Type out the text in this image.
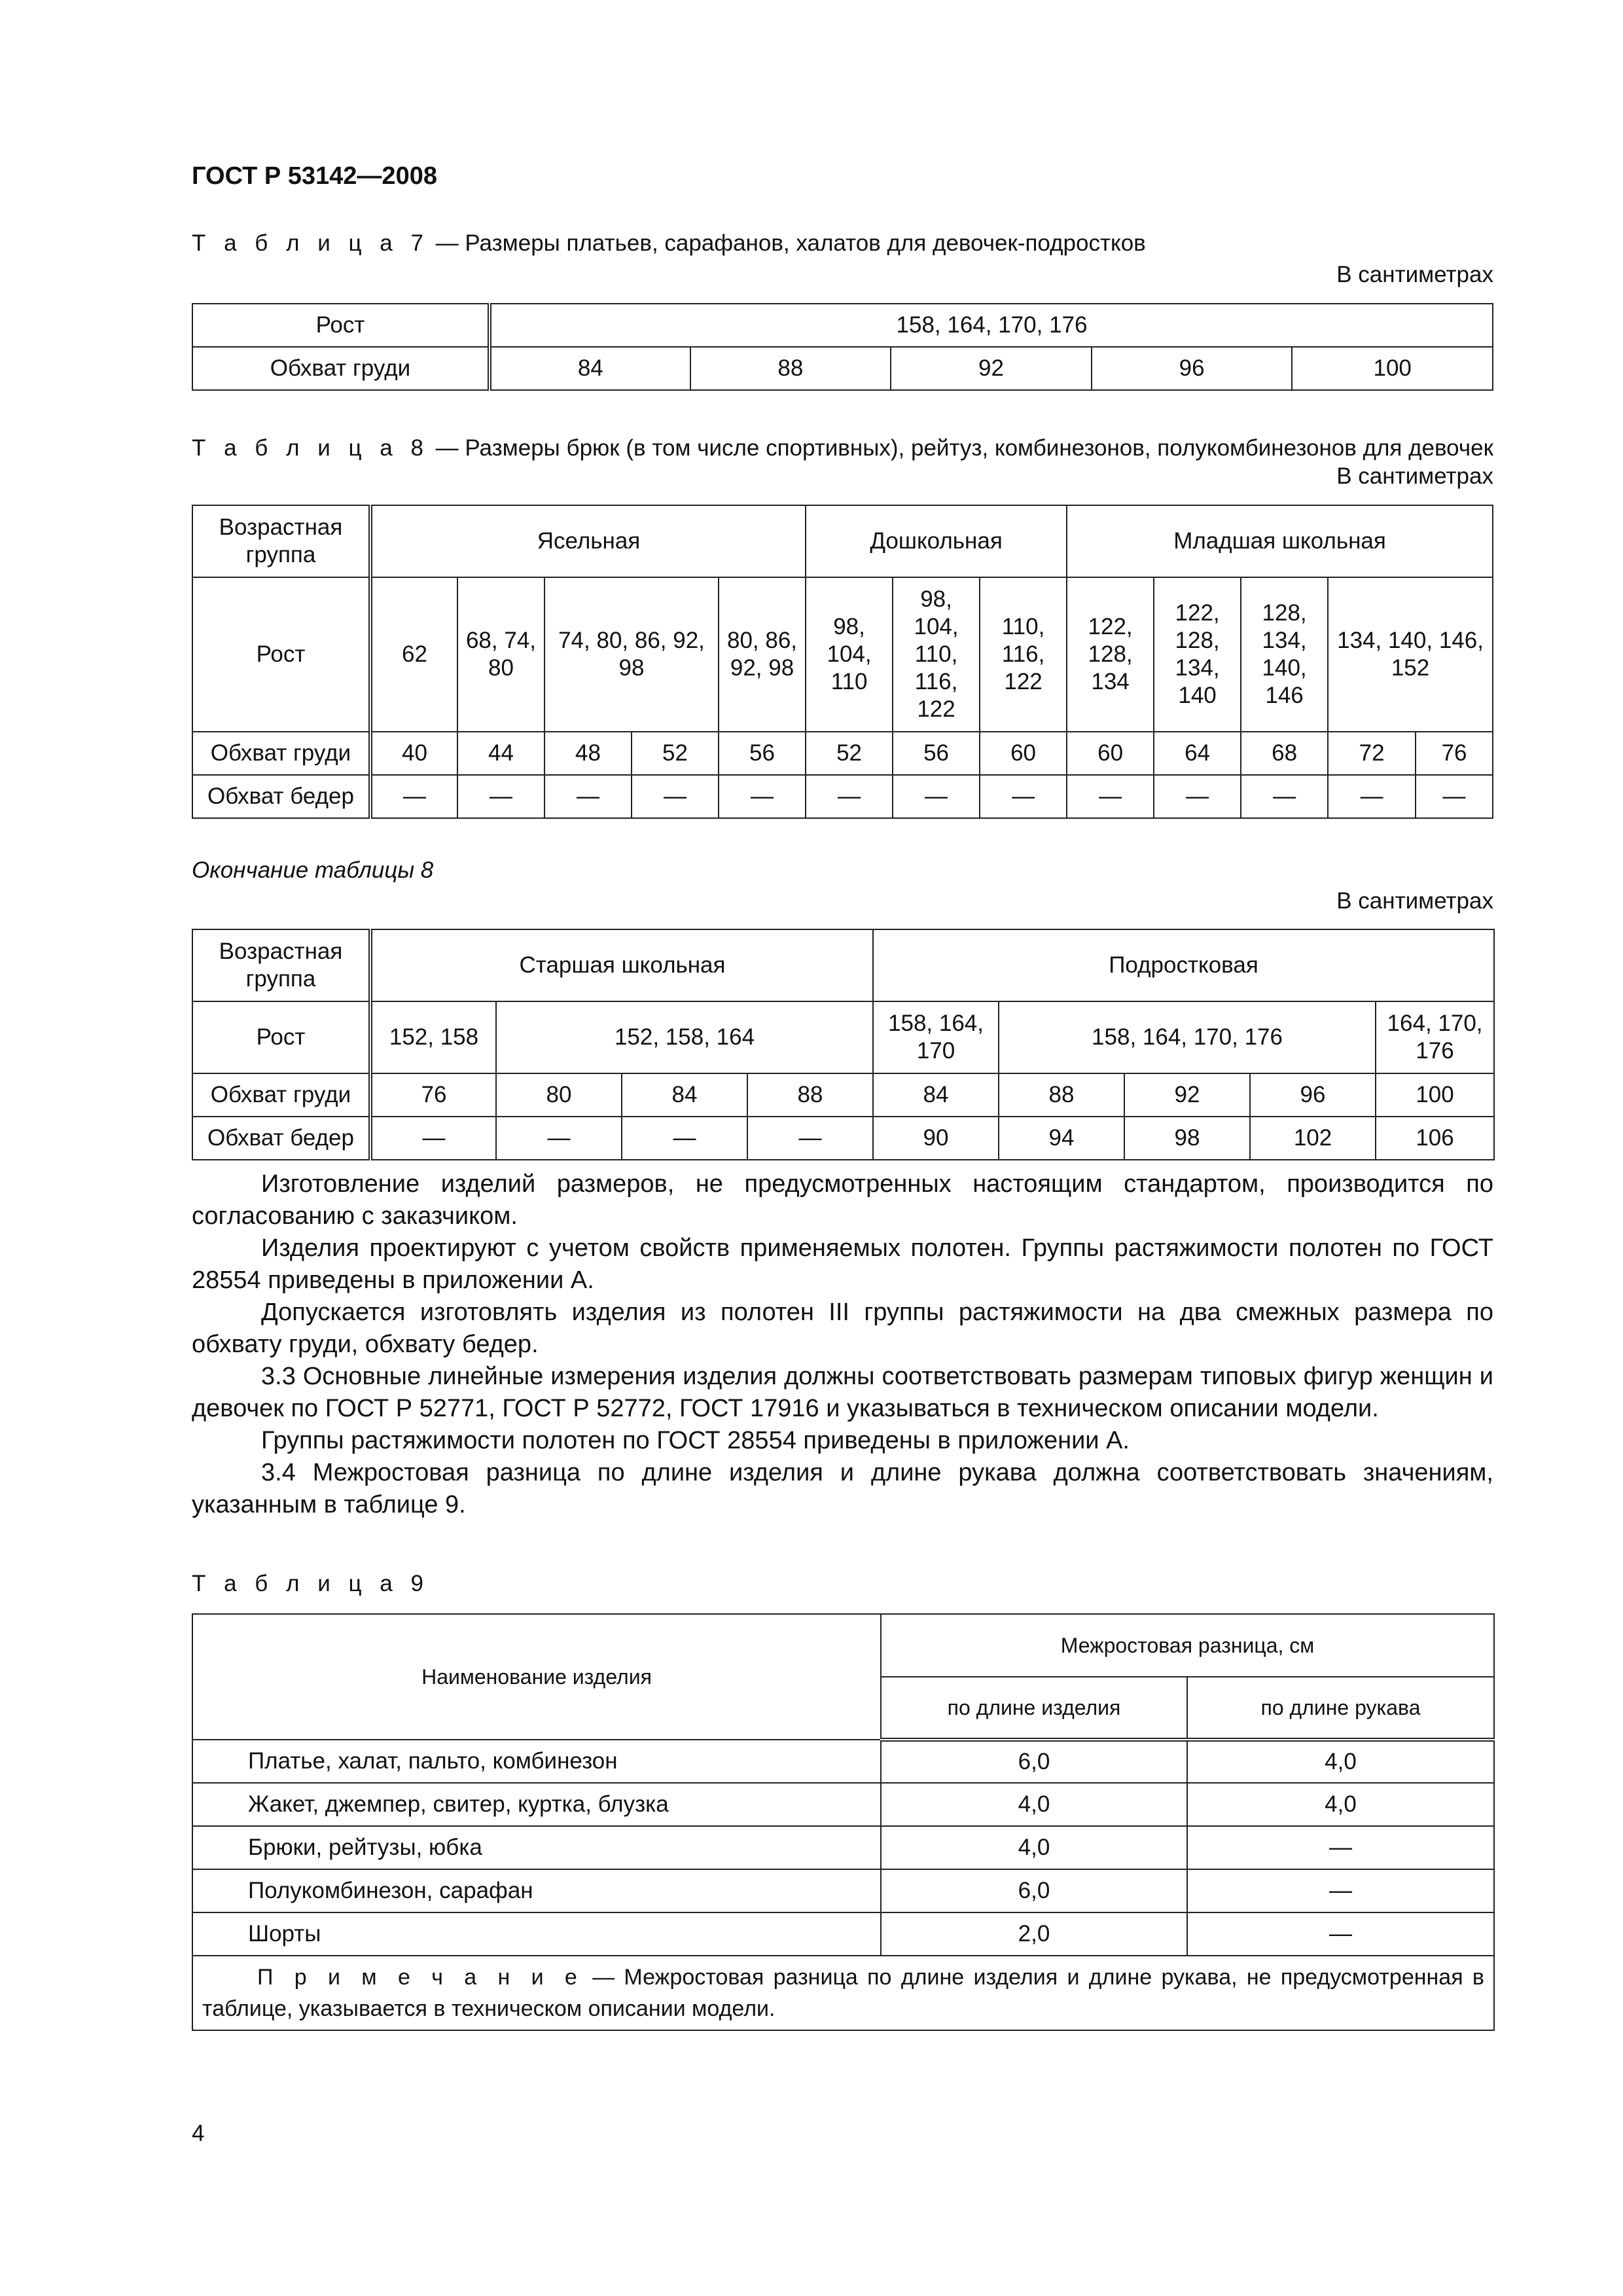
ГОСТ Р 53142—2008
Т а б л и ц а 7 — Размеры платьев, сарафанов, халатов для девочек-подростков
В сантиметрах
Рост	158, 164, 170, 176				
Обхват груди	84	88	92	96	100
Т а б л и ц а 8 — Размеры брюк (в том числе спортивных), рейтуз, комбинезонов, полукомбинезонов для девочек
В сантиметрах
Возрастная группа	Ясельная					Дошкольная			Младшая школьная				
Рост	62	68, 74, 80	74, 80, 86, 92, 98		80, 86, 92, 98	98, 104, 110	98, 104, 110, 116, 122	110, 116, 122	122, 128, 134	122, 128, 134, 140	128, 134, 140, 146	134, 140, 146, 152	
Обхват груди	40	44	48	52	56	52	56	60	60	64	68	72	76
Обхват бедер	—	—	—	—	—	—	—	—	—	—	—	—	—
Окончание таблицы 8
В сантиметрах
Возрастная группа	Старшая школьная				Подростковая				
Рост	152, 158	152, 158, 164			158, 164, 170	158, 164, 170, 176			164, 170, 176
Обхват груди	76	80	84	88	84	88	92	96	100
Обхват бедер	—	—	—	—	90	94	98	102	106

Изготовление изделий размеров, не предусмотренных настоящим стандартом, производится по согласованию с заказчиком.

Изделия проектируют с учетом свойств применяемых полотен. Группы растяжимости полотен по ГОСТ 28554 приведены в приложении А.

Допускается изготовлять изделия из полотен III группы растяжимости на два смежных размера по обхвату груди, обхвату бедер.

3.3 Основные линейные измерения изделия должны соответствовать размерам типовых фигур женщин и девочек по ГОСТ Р 52771, ГОСТ Р 52772, ГОСТ 17916 и указываться в техническом описании модели.

Группы растяжимости полотен по ГОСТ 28554 приведены в приложении А.

3.4 Межростовая разница по длине изделия и длине рукава должна соответствовать значениям, указанным в таблице 9.

Т а б л и ц а 9
Наименование изделия	Межростовая разница, см	
	по длине изделия	по длине рукава
Платье, халат, пальто, комбинезон	6,0	4,0
Жакет, джемпер, свитер, куртка, блузка	4,0	4,0
Брюки, рейтузы, юбка	4,0	—
Полукомбинезон, сарафан	6,0	—
Шорты	2,0	—
П р и м е ч а н и е — Межростовая разница по длине изделия и длине рукава, не предусмотренная в таблице, указывается в техническом описании модели.		
4
